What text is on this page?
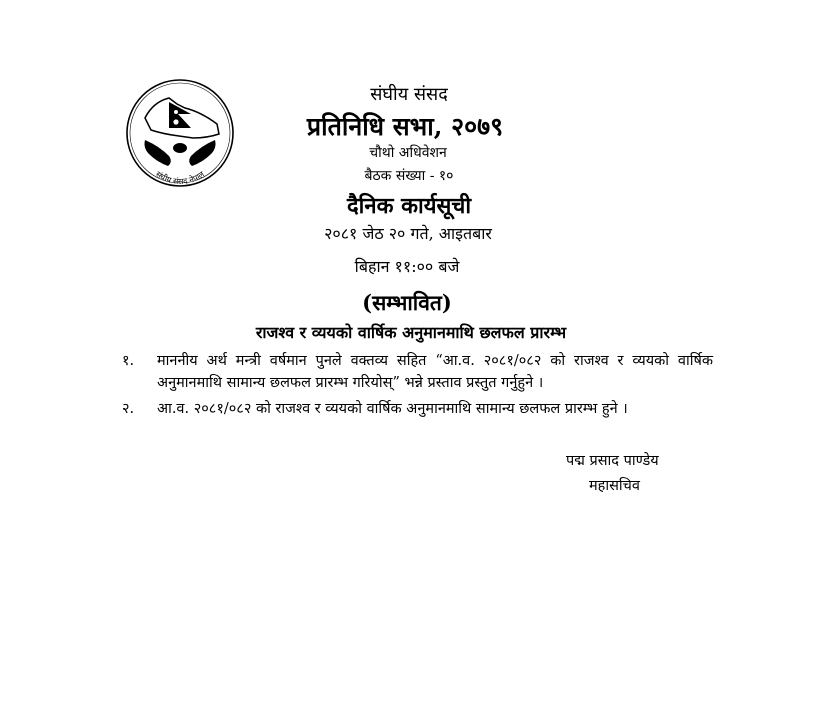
संघीय संसद नेपाल
संघीय संसद
प्रतिनिधि सभा, २०७९
चौथो अधिवेशन
बैठक संख्या - १०
दैनिक कार्यसूची
२०८१ जेठ २० गते, आइतबार
बिहान ११:०० बजे
(सम्भावित)
राजश्व र व्ययको वार्षिक अनुमानमाथि छलफल प्रारम्भ
१. माननीय अर्थ मन्त्री वर्षमान पुनले वक्तव्य सहित “आ.व. २०८१/०८२ को राजश्व र व्ययको वार्षिक अनुमानमाथि सामान्य छलफल प्रारम्भ गरियोस्” भन्ने प्रस्ताव प्रस्तुत गर्नुहुने ।
२. आ.व. २०८१/०८२ को राजश्व र व्ययको वार्षिक अनुमानमाथि सामान्य छलफल प्रारम्भ हुने ।
पद्म प्रसाद पाण्डेय
महासचिव
